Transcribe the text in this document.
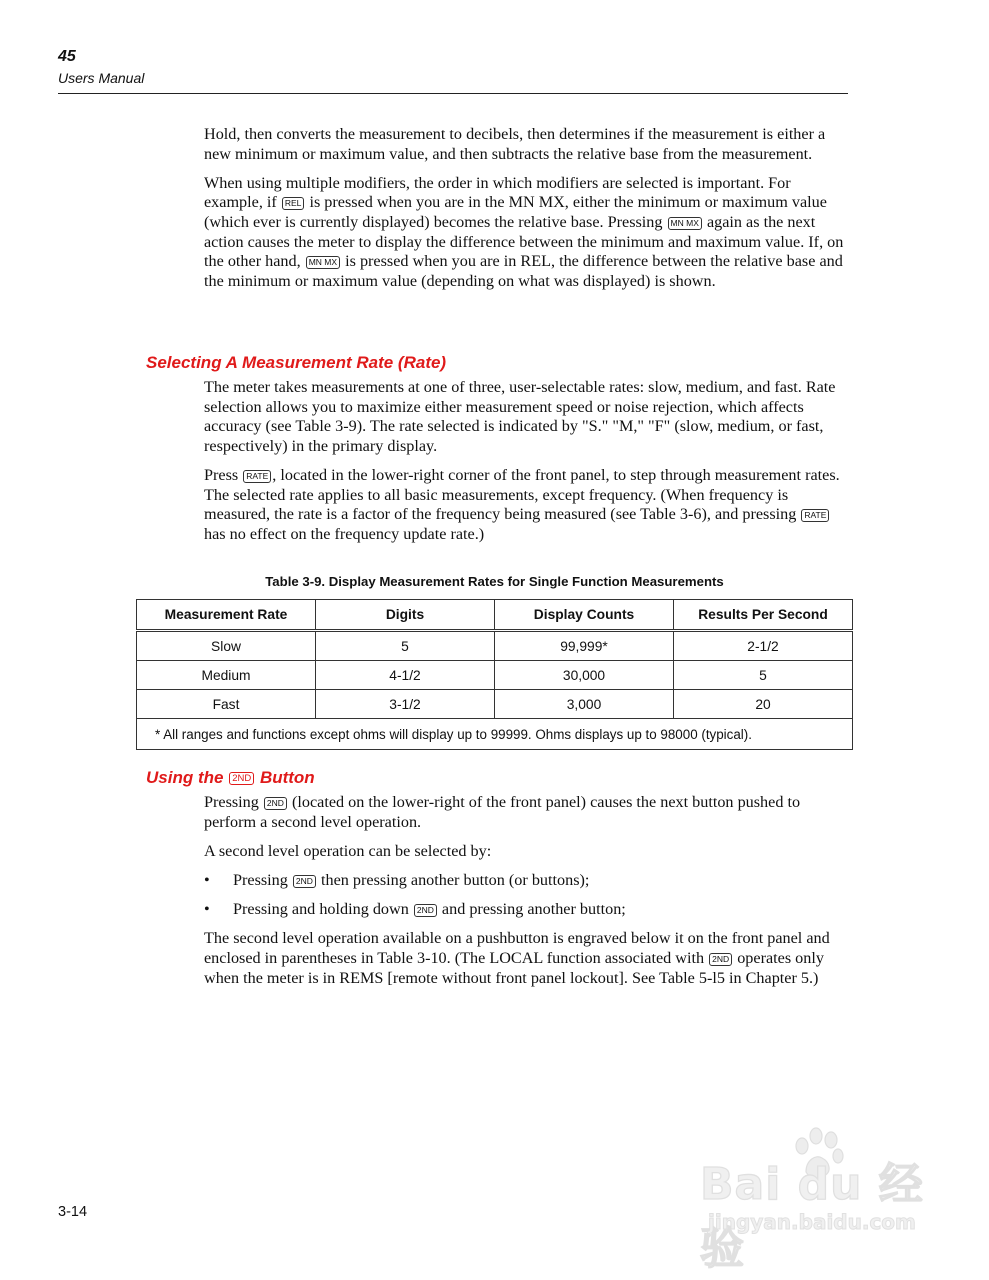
45
Users Manual

Hold, then converts the measurement to decibels, then determines if the measurement is either a new minimum or maximum value, and then subtracts the relative base from the measurement.

When using multiple modifiers, the order in which modifiers are selected is important. For example, if REL is pressed when you are in the MN MX, either the minimum or maximum value (which ever is currently displayed) becomes the relative base. Pressing MN MX again as the next action causes the meter to display the difference between the minimum and maximum value. If, on the other hand, MN MX is pressed when you are in REL, the difference between the relative base and the minimum or maximum value (depending on what was displayed) is shown.

Selecting A Measurement Rate (Rate)

The meter takes measurements at one of three, user-selectable rates: slow, medium, and fast. Rate selection allows you to maximize either measurement speed or noise rejection, which affects accuracy (see Table 3-9). The rate selected is indicated by "S." "M," "F" (slow, medium, or fast, respectively) in the primary display.

Press RATE , located in the lower-right corner of the front panel, to step through measurement rates. The selected rate applies to all basic measurements, except frequency. (When frequency is measured, the rate is a factor of the frequency being measured (see Table 3-6), and pressing RATE has no effect on the frequency update rate.)

Table 3-9. Display Measurement Rates for Single Function Measurements
Measurement Rate	Digits	Display Counts	Results Per Second
Slow	5	99,999*	2-1/2
Medium	4-1/2	30,000	5
Fast	3-1/2	3,000	20
* All ranges and functions except ohms will display up to 99999. Ohms displays up to 98000 (typical).			
Using the 2ND Button

Pressing 2ND (located on the lower-right of the front panel) causes the next button pushed to perform a second level operation.

A second level operation can be selected by:

• Pressing 2ND then pressing another button (or buttons);
• Pressing and holding down 2ND and pressing another button;

The second level operation available on a pushbutton is engraved below it on the front panel and enclosed in parentheses in Table 3-10. (The LOCAL function associated with 2ND operates only when the meter is in REMS [remote without front panel lockout]. See Table 5-l5 in Chapter 5.)

3-14
Bai du 经验
jingyan.baidu.com
